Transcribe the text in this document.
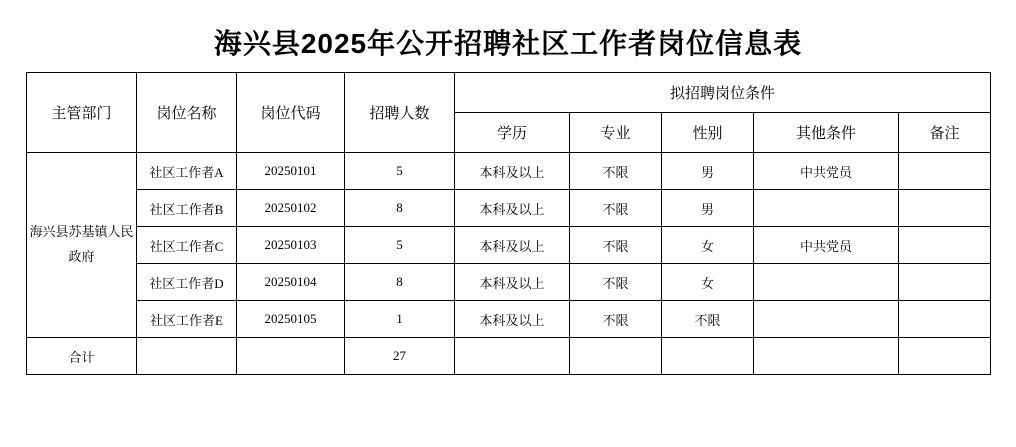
海兴县2025年公开招聘社区工作者岗位信息表
主管部门	岗位名称	岗位代码	招聘人数	拟招聘岗位条件				
				学历	专业	性别	其他条件	备注
海兴县苏基镇人民政府	社区工作者A	20250101	5	本科及以上	不限	男	中共党员	
	社区工作者B	20250102	8	本科及以上	不限	男		
	社区工作者C	20250103	5	本科及以上	不限	女	中共党员	
	社区工作者D	20250104	8	本科及以上	不限	女		
	社区工作者E	20250105	1	本科及以上	不限	不限		
合计			27					
